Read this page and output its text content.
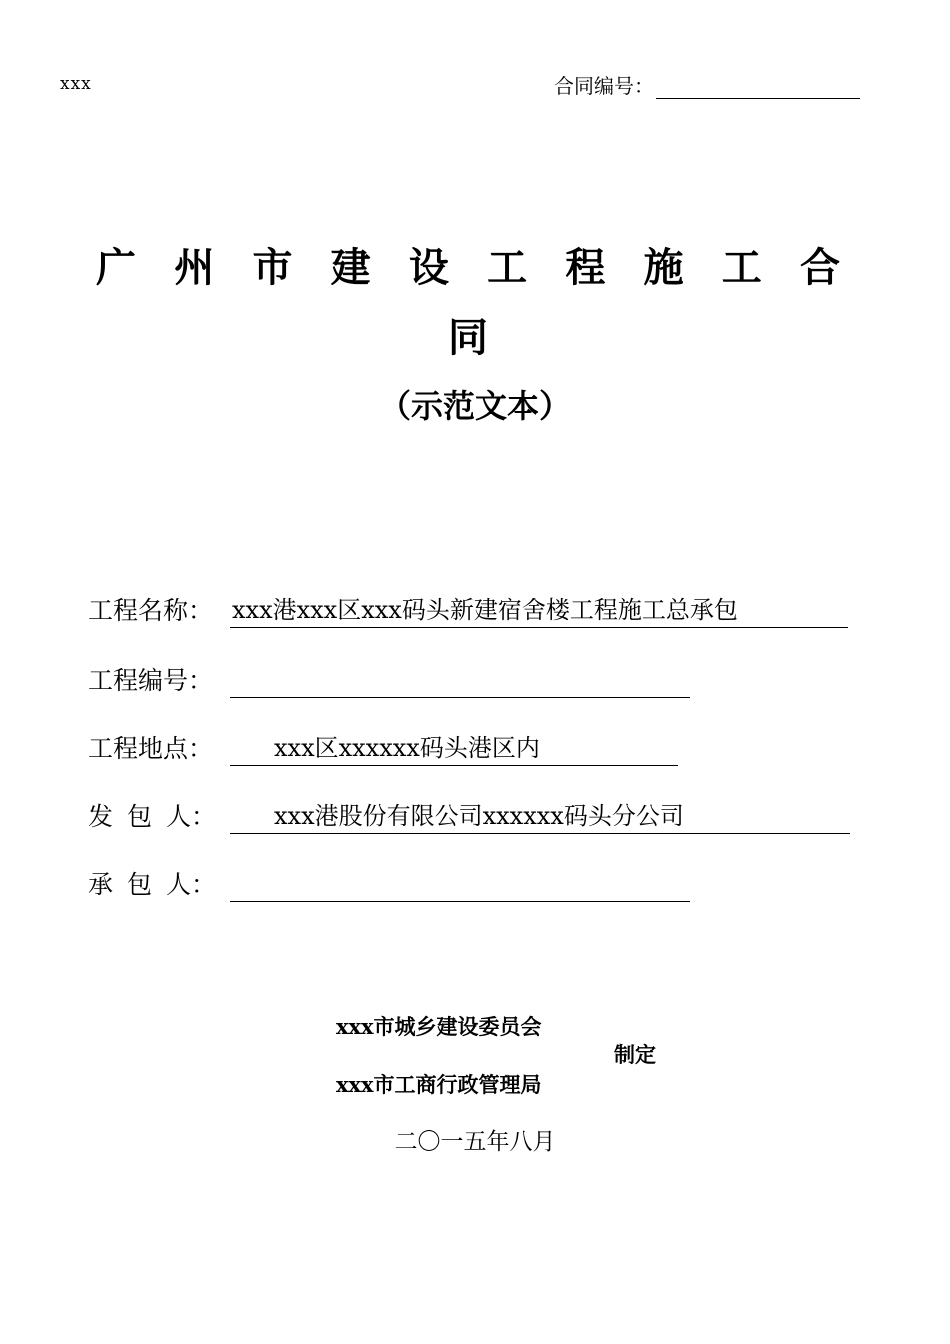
xxx	合同编号：
广 州 市 建 设 工 程 施 工 合
同
（示范文本）
工程名称： xxx港xxx区xxx码头新建宿舍楼工程施工总承包
工程编号：
工程地点：	xxx区xxxxxx码头港区内
发 包 人：	xxx港股份有限公司xxxxxx码头分公司
承 包 人：
xxx市城乡建设委员会
制定
xxx市工商行政管理局
二〇一五年八月
